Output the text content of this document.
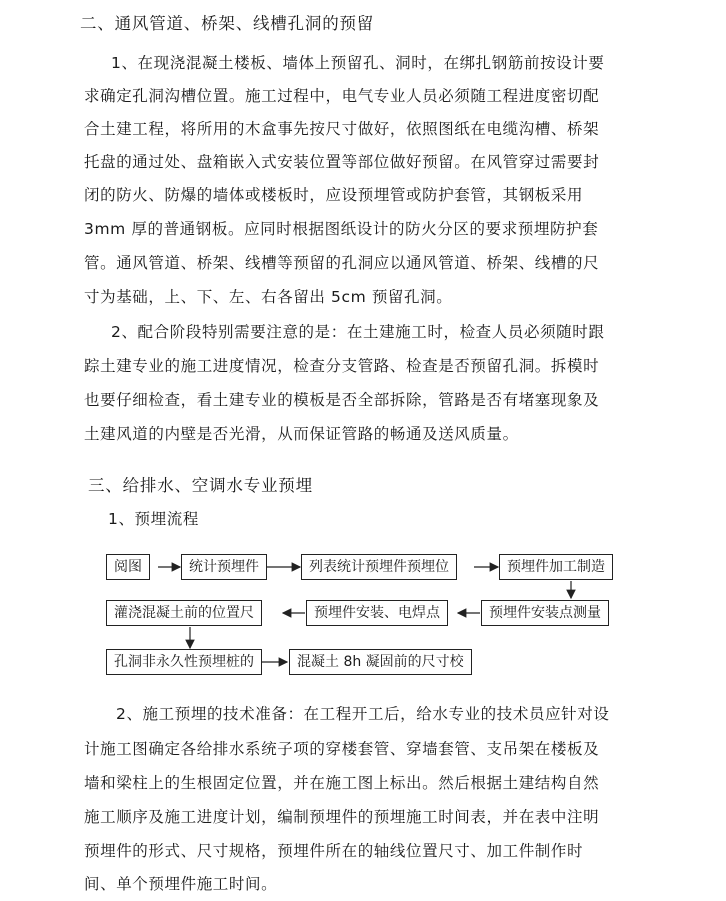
二、通风管道、桥架、线槽孔洞的预留
1、在现浇混凝土楼板、墙体上预留孔、洞时，在绑扎钢筋前按设计要
求确定孔洞沟槽位置。施工过程中，电气专业人员必须随工程进度密切配
合土建工程，将所用的木盒事先按尺寸做好，依照图纸在电缆沟槽、桥架
托盘的通过处、盘箱嵌入式安装位置等部位做好预留。在风管穿过需要封
闭的防火、防爆的墙体或楼板时，应设预埋管或防护套管，其钢板采用
3mm 厚的普通钢板。应同时根据图纸设计的防火分区的要求预埋防护套
管。通风管道、桥架、线槽等预留的孔洞应以通风管道、桥架、线槽的尺
寸为基础，上、下、左、右各留出 5cm 预留孔洞。
2、配合阶段特别需要注意的是：在土建施工时，检查人员必须随时跟
踪土建专业的施工进度情况，检查分支管路、检查是否预留孔洞。拆模时
也要仔细检查，看土建专业的模板是否全部拆除，管路是否有堵塞现象及
土建风道的内壁是否光滑，从而保证管路的畅通及送风质量。
三、给排水、空调水专业预埋
1、预埋流程
阅图	统计预埋件	列表统计预埋件预埋位	预埋件加工制造
预埋件安装点测量
预埋件安装、电焊点
灌浇混凝土前的位置尺
孔洞非永久性预埋桩的	混凝土 8h 凝固前的尺寸校
2、施工预埋的技术准备：在工程开工后，给水专业的技术员应针对设
计施工图确定各给排水系统子项的穿楼套管、穿墙套管、支吊架在楼板及
墙和梁柱上的生根固定位置，并在施工图上标出。然后根据土建结构自然
施工顺序及施工进度计划，编制预埋件的预埋施工时间表，并在表中注明
预埋件的形式、尺寸规格，预埋件所在的轴线位置尺寸、加工件制作时
间、单个预埋件施工时间。
